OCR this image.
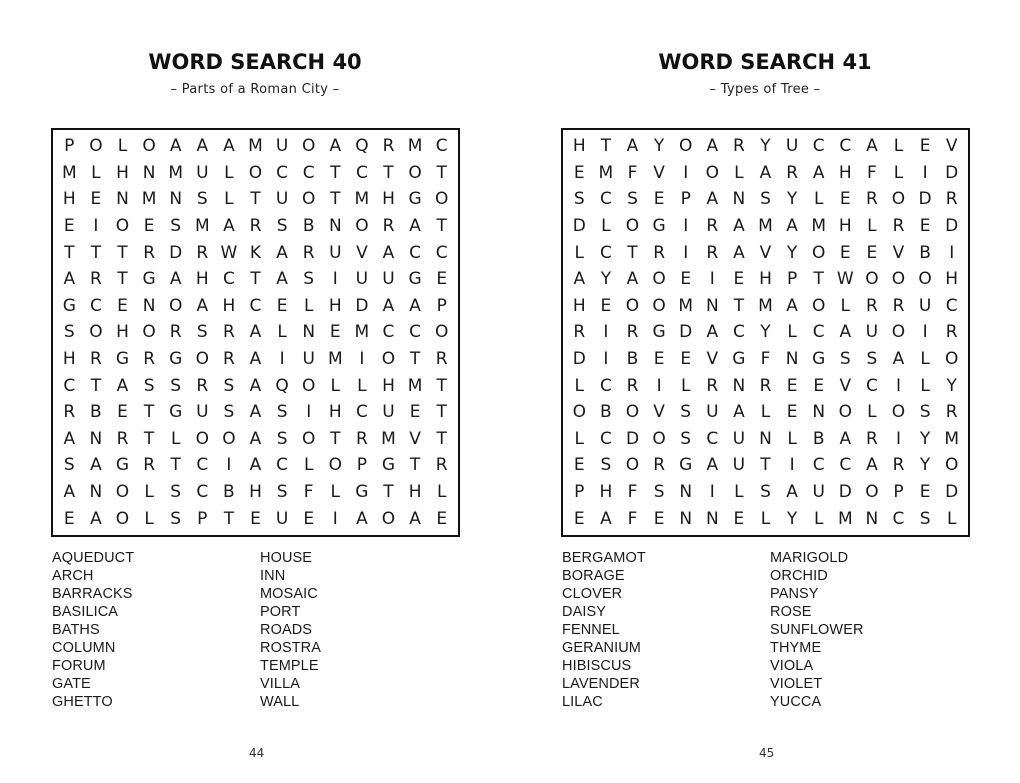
WORD SEARCH 40
– Parts of a Roman City –
P O L O A A A M U O A Q R M C
M L H N M U L O C C T C T O T
H E N M N S L T U O T M H G O
E	I	O E S M A R S B N O R A T
T T T R D R W K A R U V A C C
A R T G A H C T A S	I	U U G E
G C E N O A H C E L H D A A P
S O H O R S R A L N E M C C O
H R G R G O R A	I	U M I	O T R
C T A S S R S A Q O L	L H M T
R B E T G U S A S	I	H C U E T
A N R T L O O A S O T R M V T
S A G R T C	I	A C L O P G T R
A N O L S C B H S F L G T H L
E A O L S P T E U E	I	A O A E
AQUEDUCT
ARCH
BARRACKS
BASILICA
BATHS
COLUMN
FORUM
GATE
GHETTO
HOUSE
INN
MOSAIC
PORT
ROADS
ROSTRA
TEMPLE
VILLA
WALL
44
WORD SEARCH 41
– Types of Tree –
H T A Y O A R Y U C C A L E V
E M F V	I	O L A R A H F L	I	D
S C S E P A N S Y L E R O D R
D L O G	I	R A M A M H L R E D
L C T R	I	R A V Y O E E V B	I
A Y A O E	I	E H P T W O O O H
H E O O M N T M A O L R R U C
R	I	R G D A C Y L C A U O	I	R
D	I	B E E V G F N G S S A L O
L C R	I	L R N R E E V C	I	L Y
O B O V S U A L E N O L O S R
L C D O S C U N L B A R	I	Y M
E S O R G A U T	I	C C A R Y O
P H F S N	I	L S A U D O P E D
E A F E N N E L Y L M N C S L
BERGAMOT
BORAGE
CLOVER
DAISY
FENNEL
GERANIUM
HIBISCUS
LAVENDER
LILAC
MARIGOLD
ORCHID
PANSY
ROSE
SUNFLOWER
THYME
VIOLA
VIOLET
YUCCA
45
